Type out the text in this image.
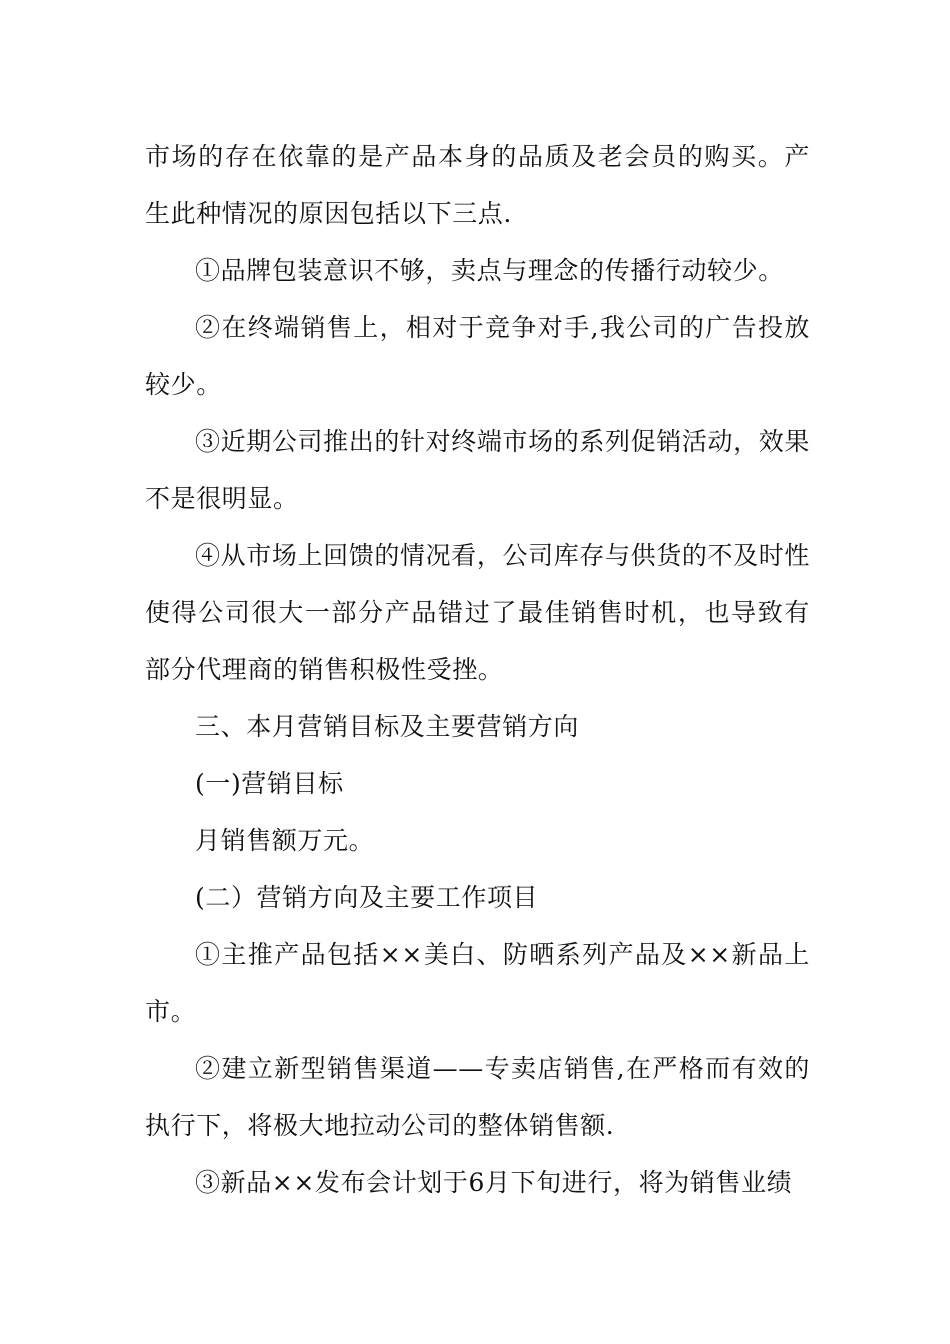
市场的存在依靠的是产品本身的品质及老会员的购买。产生此种情况的原因包括以下三点.

①品牌包装意识不够，卖点与理念的传播行动较少。

②在终端销售上，相对于竞争对手,我公司的广告投放较少。

③近期公司推出的针对终端市场的系列促销活动，效果不是很明显。

④从市场上回馈的情况看，公司库存与供货的不及时性使得公司很大一部分产品错过了最佳销售时机，也导致有部分代理商的销售积极性受挫。

三、本月营销目标及主要营销方向

(一)营销目标

月销售额万元。

(二）营销方向及主要工作项目

①主推产品包括××美白、防晒系列产品及××新品上市。

②建立新型销售渠道——专卖店销售,在严格而有效的执行下，将极大地拉动公司的整体销售额.

③新品××发布会计划于6月下旬进行，将为销售业绩
